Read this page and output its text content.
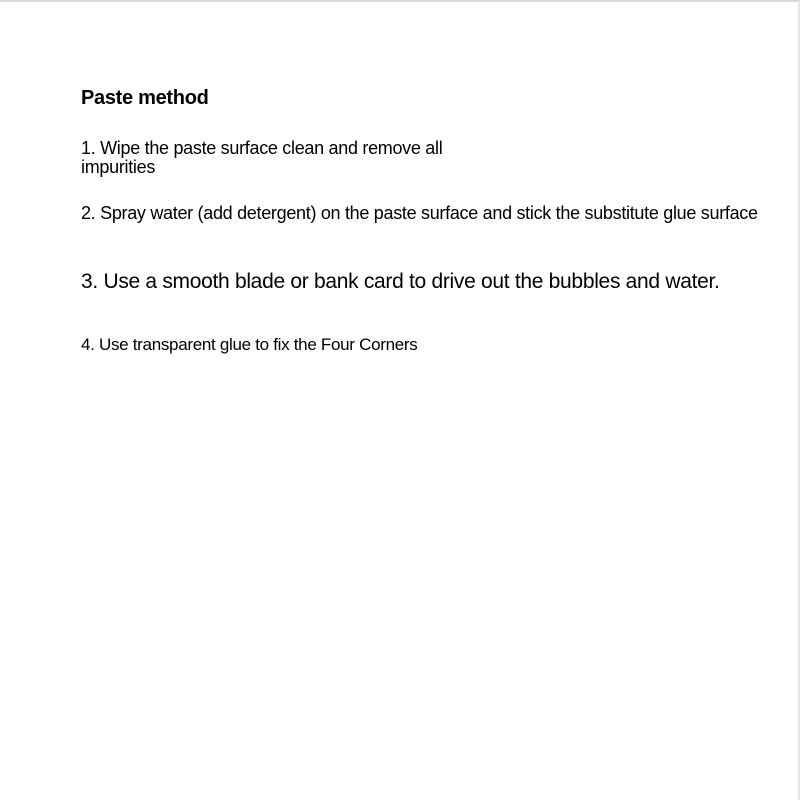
Paste method

1. Wipe the paste surface clean and remove all impurities

2. Spray water (add detergent) on the paste surface and stick the substitute glue surface

3. Use a smooth blade or bank card to drive out the bubbles and water.

4. Use transparent glue to fix the Four Corners
